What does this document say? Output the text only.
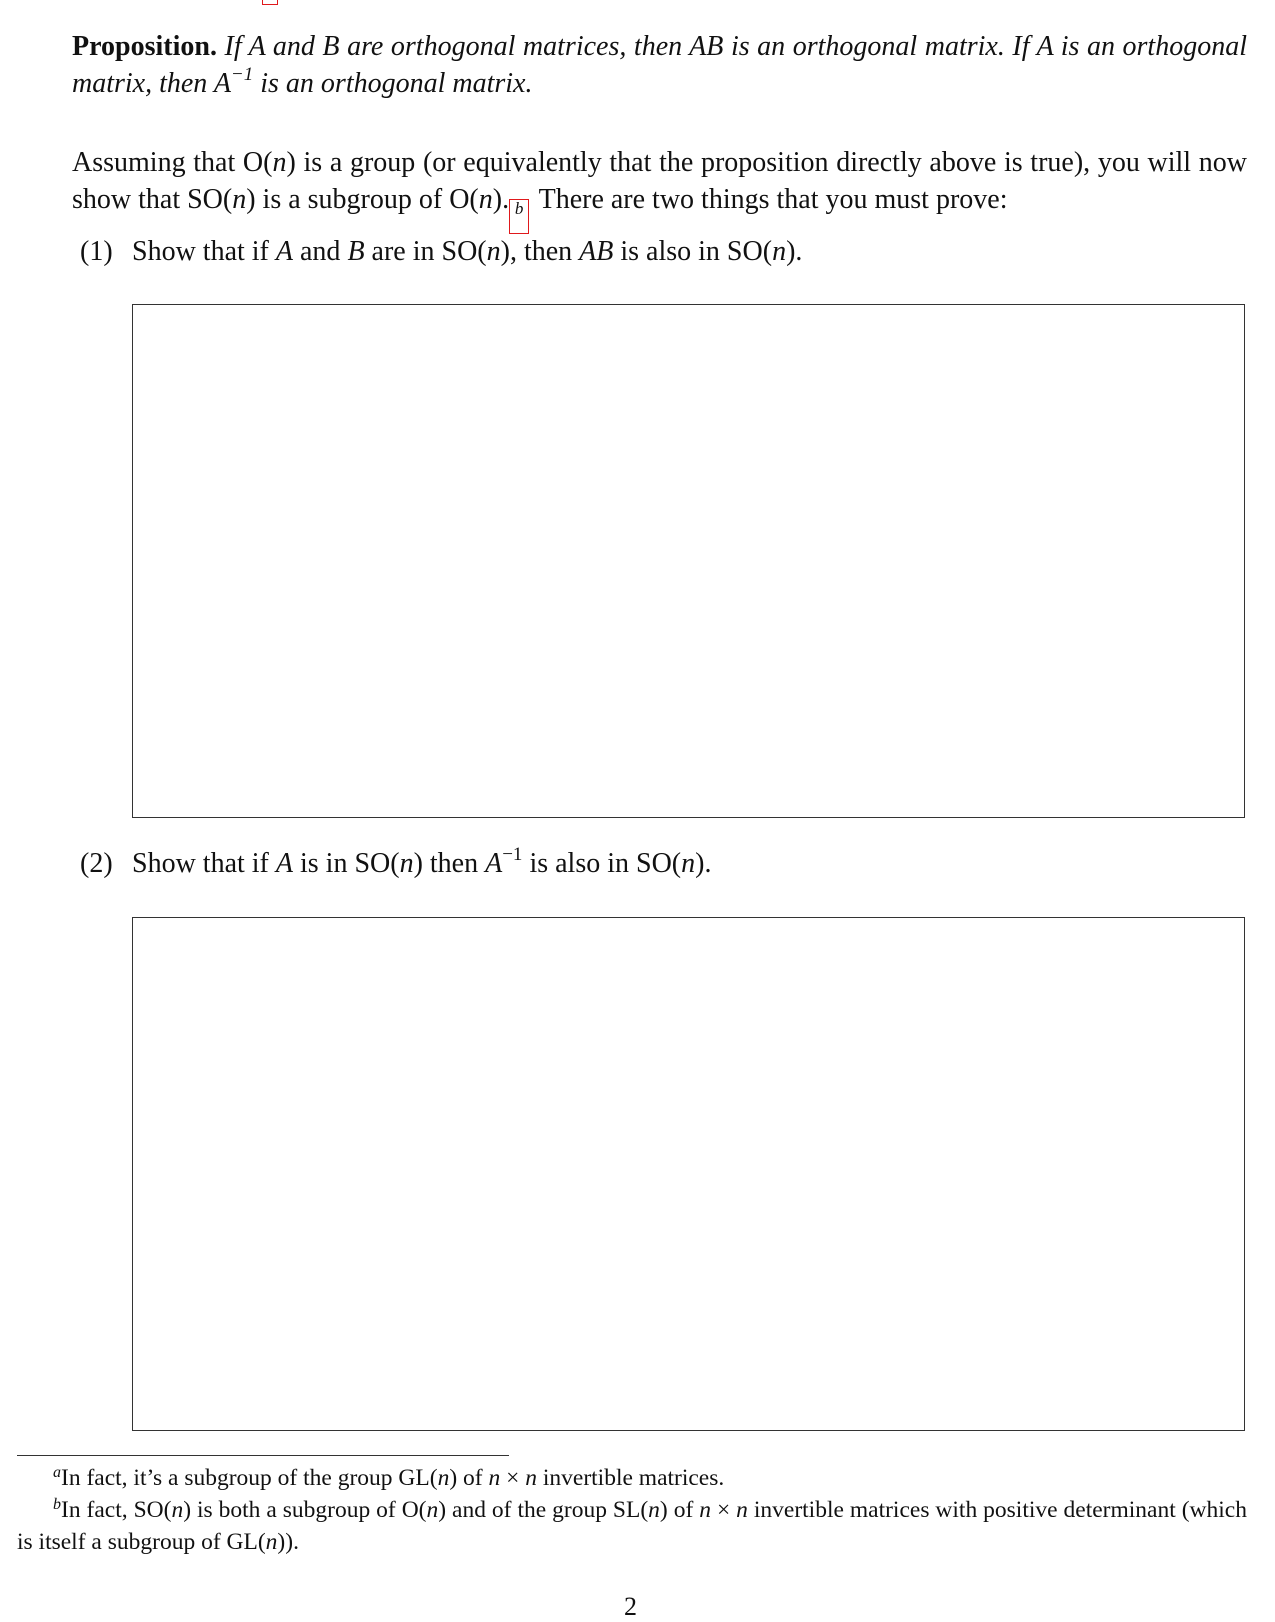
Proposition. If A and B are orthogonal matrices, then AB is an orthogonal matrix. If A is an orthogonal matrix, then $A^{-1}$ is an orthogonal matrix.

Assuming that O(n) is a group (or equivalently that the proposition directly above is true), you will now show that SO(n) is a subgroup of O(n). b There are two things that you must prove:

(1) Show that if A and B are in SO(n), then AB is also in SO(n).

(2) Show that if A is in SO(n) then $A^{-1}$ is also in SO(n).

$^a$In fact, it’s a subgroup of the group GL(n) of n × n invertible matrices.

$^b$In fact, SO(n) is both a subgroup of O(n) and of the group SL(n) of n × n invertible matrices with positive determinant (which is itself a subgroup of GL(n)).

2
